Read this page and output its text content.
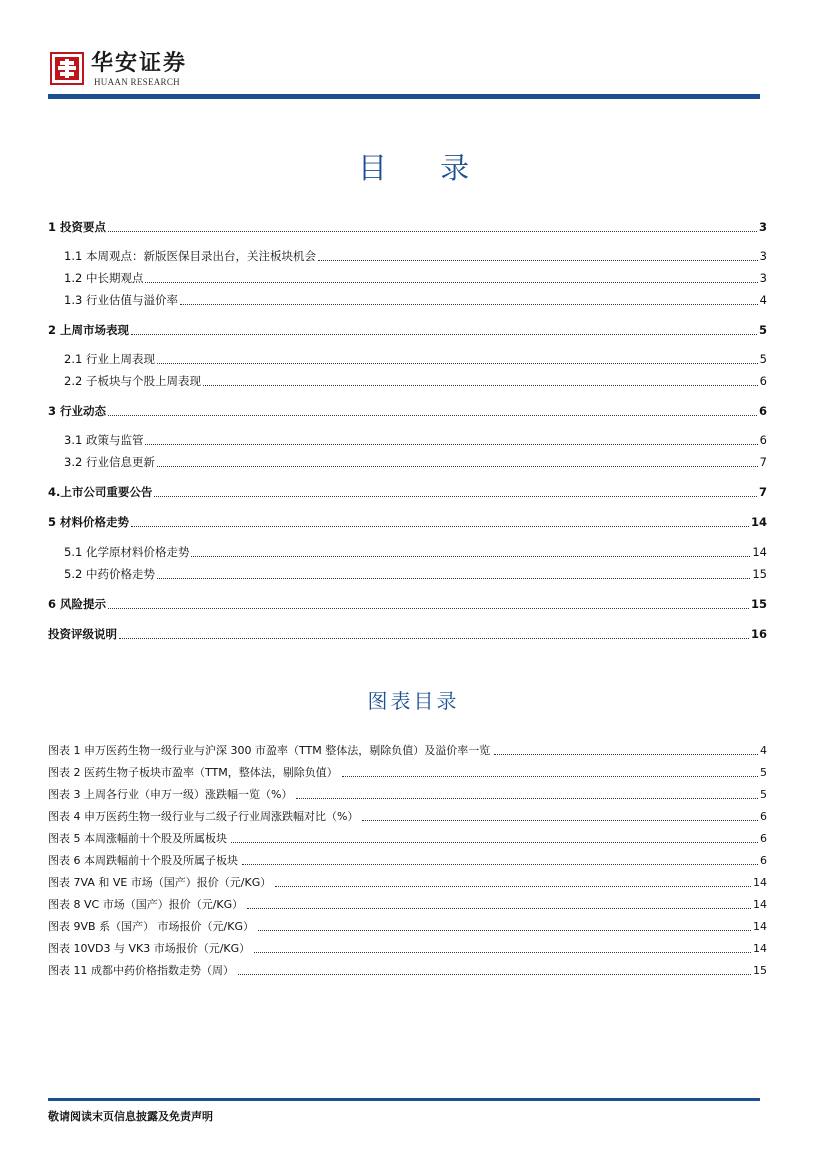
华安证券
HUAAN RESEARCH
目 录
1 投资要点	3
1.1 本周观点：新版医保目录出台，关注板块机会	3
1.2 中长期观点	3
1.3 行业估值与溢价率	4
2 上周市场表现	5
2.1 行业上周表现	5
2.2 子板块与个股上周表现	6
3 行业动态	6
3.1 政策与监管	6
3.2 行业信息更新	7
4.上市公司重要公告	7
5 材料价格走势	14
5.1 化学原材料价格走势	14
5.2 中药价格走势	15
6 风险提示	15
投资评级说明	16
图表目录
图表 1 申万医药生物一级行业与沪深 300 市盈率（TTM 整体法，剔除负值）及溢价率一览	4
图表 2 医药生物子板块市盈率（TTM，整体法，剔除负值）	5
图表 3 上周各行业（申万一级）涨跌幅一览（%）	5
图表 4 申万医药生物一级行业与二级子行业周涨跌幅对比（%）	6
图表 5 本周涨幅前十个股及所属板块	6
图表 6 本周跌幅前十个股及所属子板块	6
图表 7VA 和 VE 市场（国产）报价（元/KG）	14
图表 8 VC 市场（国产）报价（元/KG）	14
图表 9VB 系（国产） 市场报价（元/KG）	14
图表 10VD3 与 VK3 市场报价（元/KG）	14
图表 11 成都中药价格指数走势（周）	15
敬请阅读末页信息披露及免责声明
